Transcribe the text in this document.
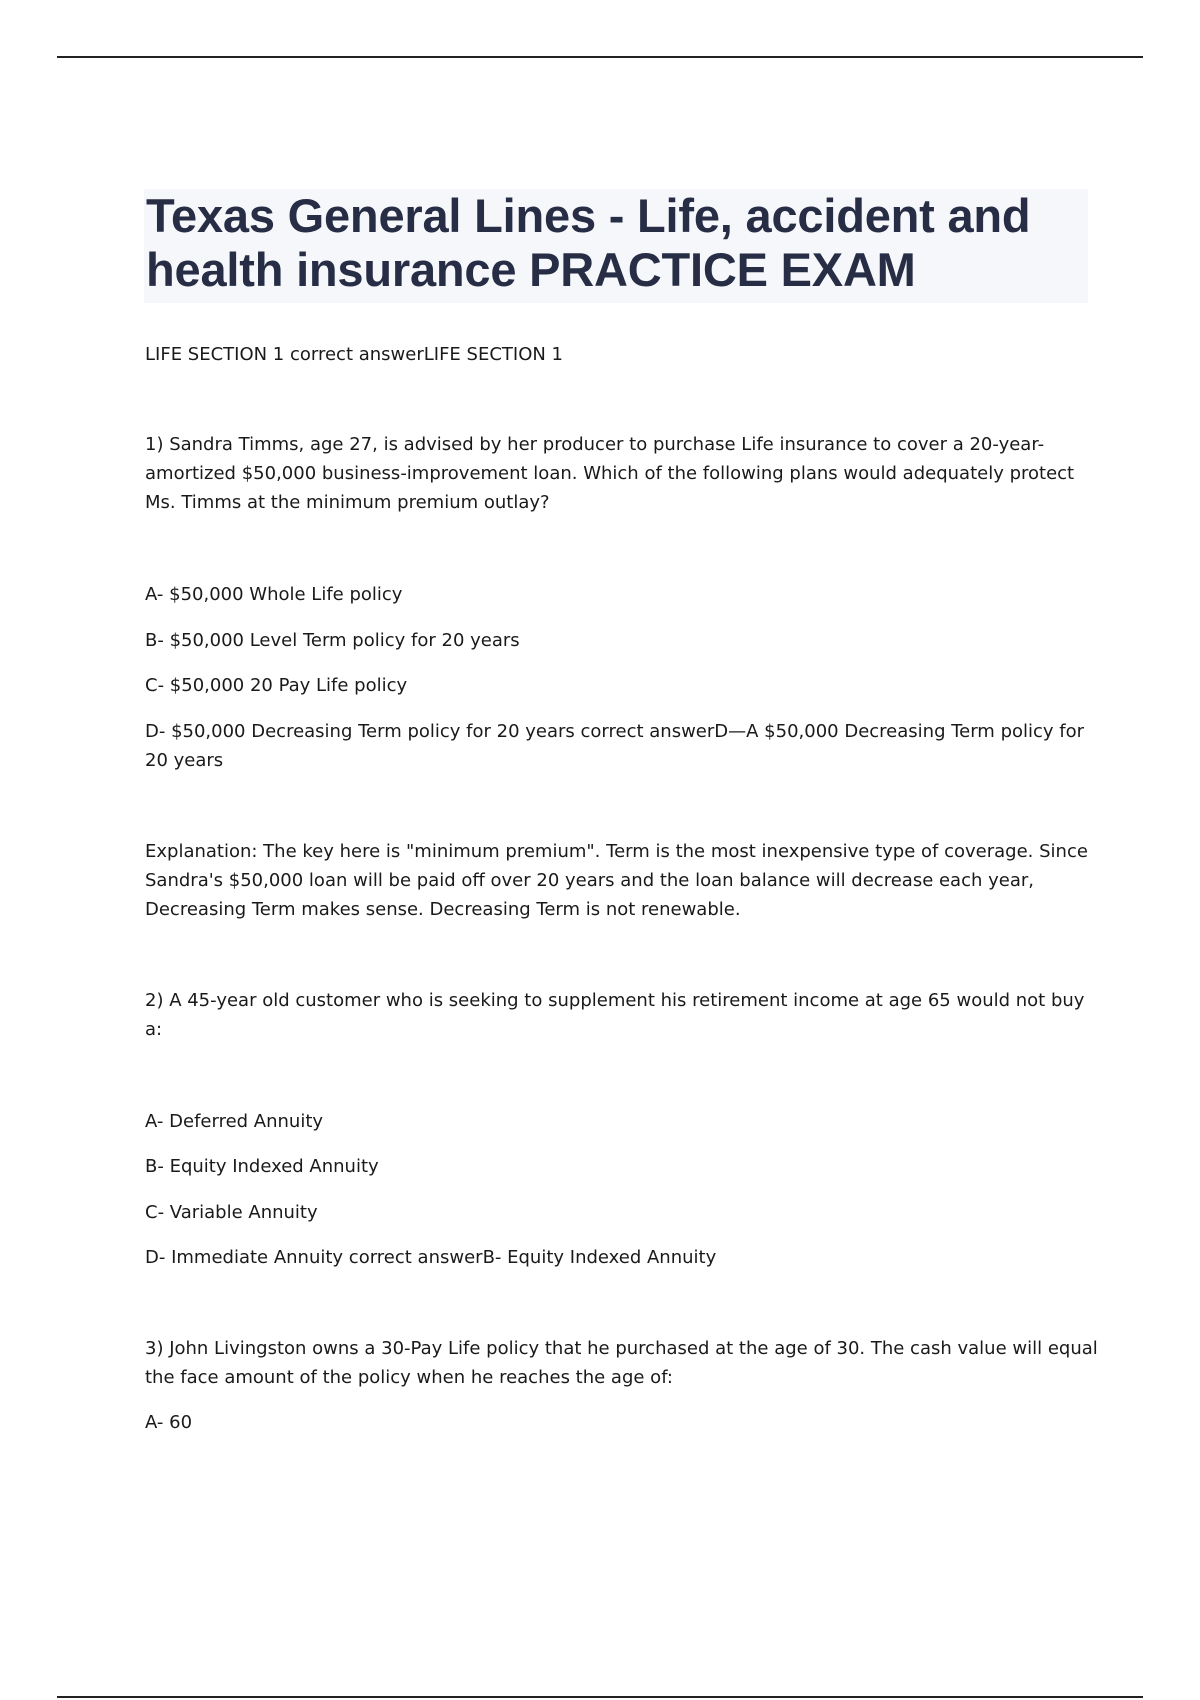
Texas General Lines - Life, accident and
health insurance PRACTICE EXAM

LIFE SECTION 1 correct answerLIFE SECTION 1

1) Sandra Timms, age 27, is advised by her producer to purchase Life insurance to cover a 20-year-
amortized $50,000 business-improvement loan. Which of the following plans would adequately protect
Ms. Timms at the minimum premium outlay?
A- $50,000 Whole Life policy
B- $50,000 Level Term policy for 20 years
C- $50,000 20 Pay Life policy
D- $50,000 Decreasing Term policy for 20 years correct answerD—A $50,000 Decreasing Term policy for
20 years
Explanation: The key here is "minimum premium". Term is the most inexpensive type of coverage. Since
Sandra's $50,000 loan will be paid off over 20 years and the loan balance will decrease each year,
Decreasing Term makes sense. Decreasing Term is not renewable.
2) A 45-year old customer who is seeking to supplement his retirement income at age 65 would not buy
a:
A- Deferred Annuity
B- Equity Indexed Annuity
C- Variable Annuity
D- Immediate Annuity correct answerB- Equity Indexed Annuity
3) John Livingston owns a 30-Pay Life policy that he purchased at the age of 30. The cash value will equal
the face amount of the policy when he reaches the age of:
A- 60
